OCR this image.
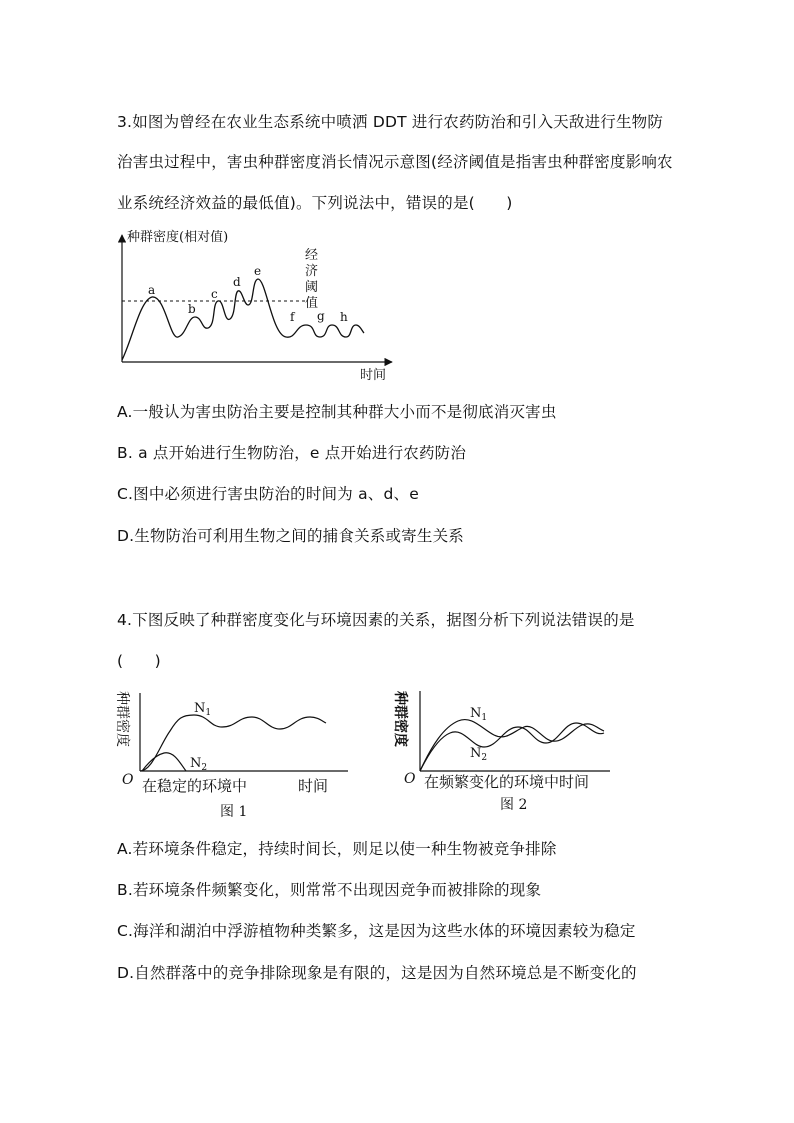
3.如图为曾经在农业生态系统中喷洒 DDT 进行农药防治和引入天敌进行生物防
治害虫过程中，害虫种群密度消长情况示意图(经济阈值是指害虫种群密度影响农
业系统经济效益的最低值)。下列说法中，错误的是(　　)
种群密度(相对值)
时间
经
济
阈
值
a
b
c
d
e
f g h
A.一般认为害虫防治主要是控制其种群大小而不是彻底消灭害虫
B. a 点开始进行生物防治，e 点开始进行农药防治
C.图中必须进行害虫防治的时间为 a、d、e
D.生物防治可利用生物之间的捕食关系或寄生关系
4.下图反映了种群密度变化与环境因素的关系，据图分析下列说法错误的是
(　　)
种群密度
O 在稳定的环境中	时间
$N_1$
$N_2$
图 1
种群密度
O 在频繁变化的环境中时间
$N_1$
$N_2$
图 2
A.若环境条件稳定，持续时间长，则足以使一种生物被竞争排除
B.若环境条件频繁变化，则常常不出现因竞争而被排除的现象
C.海洋和湖泊中浮游植物种类繁多，这是因为这些水体的环境因素较为稳定
D.自然群落中的竞争排除现象是有限的，这是因为自然环境总是不断变化的
